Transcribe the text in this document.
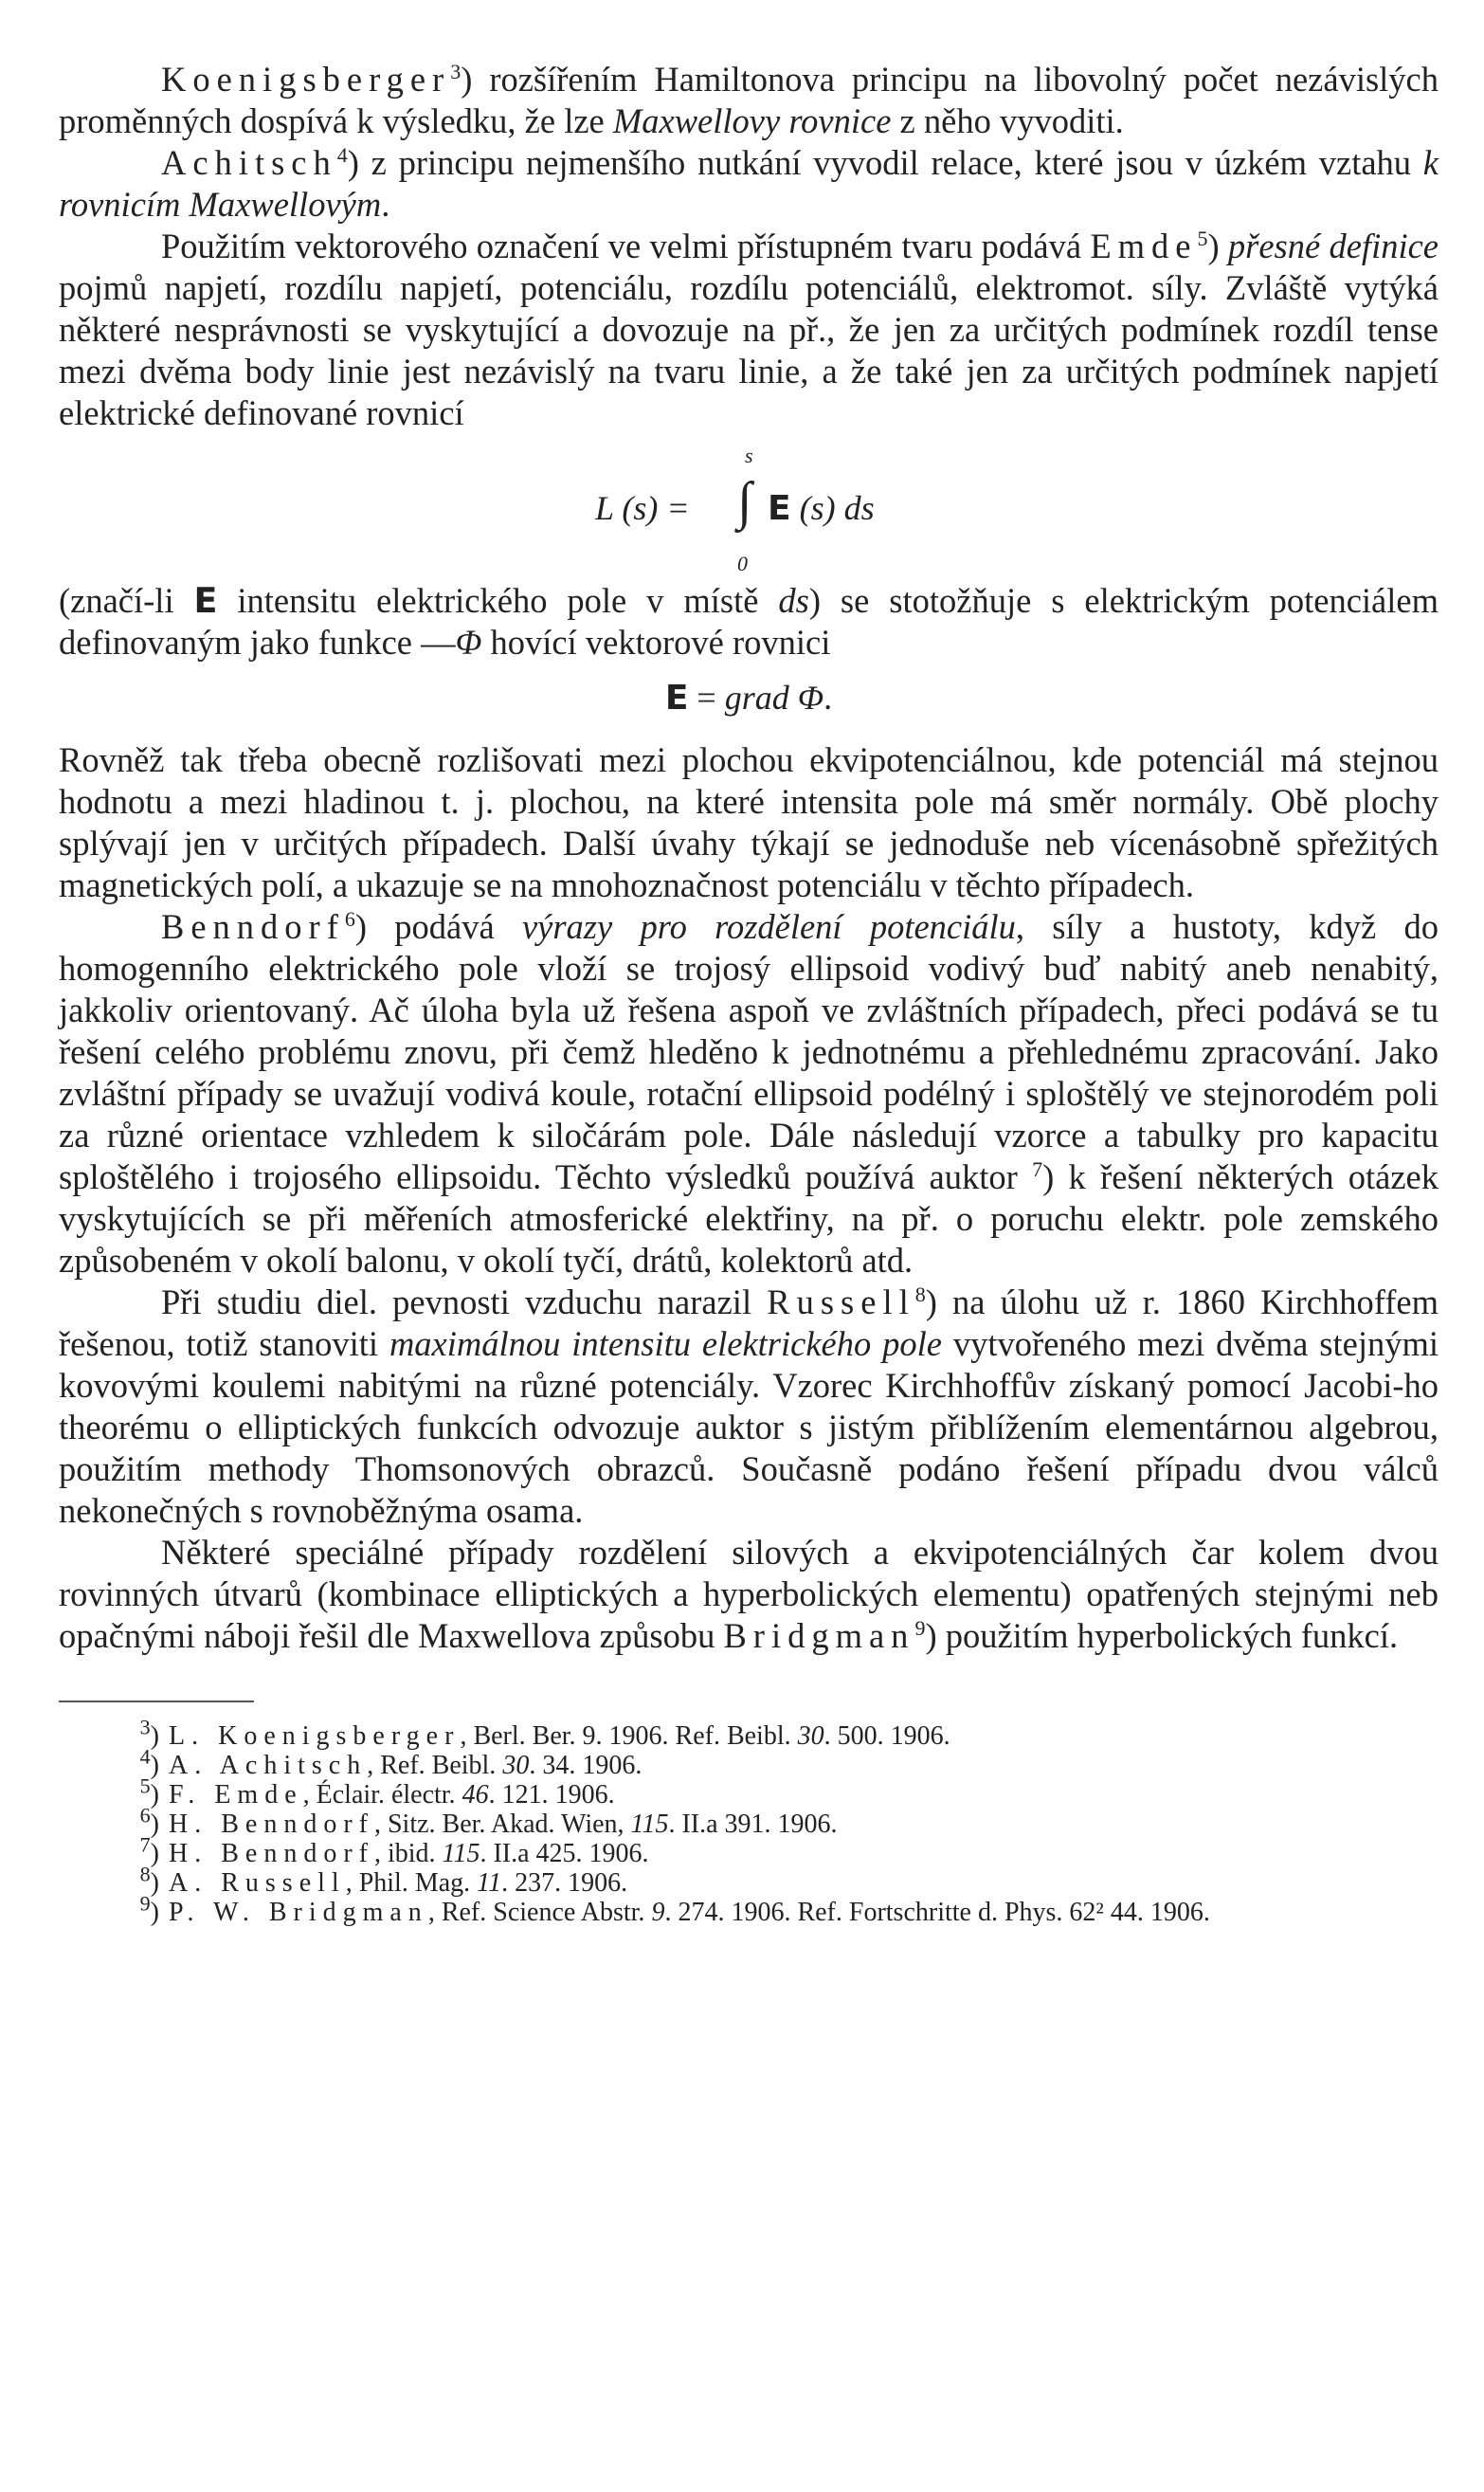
Koenigsberger$^3$) rozšířením Hamiltonova principu na libovolný počet nezávislých proměnných dospívá k výsledku, že lze Maxwellovy rovnice z něho vyvoditi.

Achitsch$^4$) z principu nejmenšího nutkání vyvodil relace, které jsou v úzkém vztahu k rovnicím Maxwellovým.

Použitím vektorového označení ve velmi přístupném tvaru podává Emde$^5$) přesné definice pojmů napjetí, rozdílu napjetí, potenciálu, rozdílu potenciálů, elektromot. síly. Zvláště vytýká některé nesprávnosti se vyskytující a dovozuje na př., že jen za určitých podmínek rozdíl tense mezi dvěma body linie jest nezávislý na tvaru linie, a že také jen za určitých podmínek napjetí elektrické definované rovnicí

L (s) =
s
∫
0
E (s) ds

(značí-li E intensitu elektrického pole v místě ds) se stotožňuje s elektrickým potenciálem definovaným jako funkce —Φ hovící vektorové rovnici

E = grad Φ.

Rovněž tak třeba obecně rozlišovati mezi plochou ekvipotenciálnou, kde potenciál má stejnou hodnotu a mezi hladinou t. j. plochou, na které intensita pole má směr normály. Obě plochy splývají jen v určitých případech. Další úvahy týkají se jednoduše neb vícenásobně spřežitých magnetických polí, a ukazuje se na mnohoznačnost potenciálu v těchto případech.

Benndorf$^6$) podává výrazy pro rozdělení potenciálu, síly a hustoty, když do homogenního elektrického pole vloží se trojosý ellipsoid vodivý buď nabitý aneb nenabitý, jakkoliv orientovaný. Ač úloha byla už řešena aspoň ve zvláštních případech, přeci podává se tu řešení celého problému znovu, při čemž hleděno k jednotnému a přehlednému zpracování. Jako zvláštní případy se uvažují vodivá koule, rotační ellipsoid podélný i sploštělý ve stejnorodém poli za různé orientace vzhledem k siločárám pole. Dále následují vzorce a tabulky pro kapacitu sploštělého i trojosého ellipsoidu. Těchto výsledků používá auktor $^7$) k řešení některých otázek vyskytujících se při měřeních atmosferické elektřiny, na př. o poruchu elektr. pole zemského způsobeném v okolí balonu, v okolí tyčí, drátů, kolektorů atd.

Při studiu diel. pevnosti vzduchu narazil Russell$^8$) na úlohu už r. 1860 Kirchhoffem řešenou, totiž stanoviti maximálnou intensitu elektrického pole vytvořeného mezi dvěma stejnými kovovými koulemi nabitými na různé potenciály. Vzorec Kirchhoffův získaný pomocí Jacobi-ho theorému o elliptických funkcích odvozuje auktor s jistým přiblížením elementárnou algebrou, použitím methody Thomsonových obrazců. Současně podáno řešení případu dvou válců nekonečných s rovnoběžnýma osama.

Některé speciálné případy rozdělení silových a ekvipotenciálných čar kolem dvou rovinných útvarů (kombinace elliptických a hyperbolických elementu) opatřených stejnými neb opačnými náboji řešil dle Maxwellova způsobu Bridgman$^9$) použitím hyperbolických funkcí.

$^3$) L. Koenigsberger, Berl. Ber. 9. 1906. Ref. Beibl. 30. 500. 1906.
$^4$) A. Achitsch, Ref. Beibl. 30. 34. 1906.
$^5$) F. Emde, Éclair. électr. 46. 121. 1906.
$^6$) H. Benndorf, Sitz. Ber. Akad. Wien, 115. II.a 391. 1906.
$^7$) H. Benndorf, ibid. 115. II.a 425. 1906.
$^8$) A. Russell, Phil. Mag. 11. 237. 1906.
$^9$) P. W. Bridgman, Ref. Science Abstr. 9. 274. 1906. Ref. Fortschritte d. Phys. 62² 44. 1906.
